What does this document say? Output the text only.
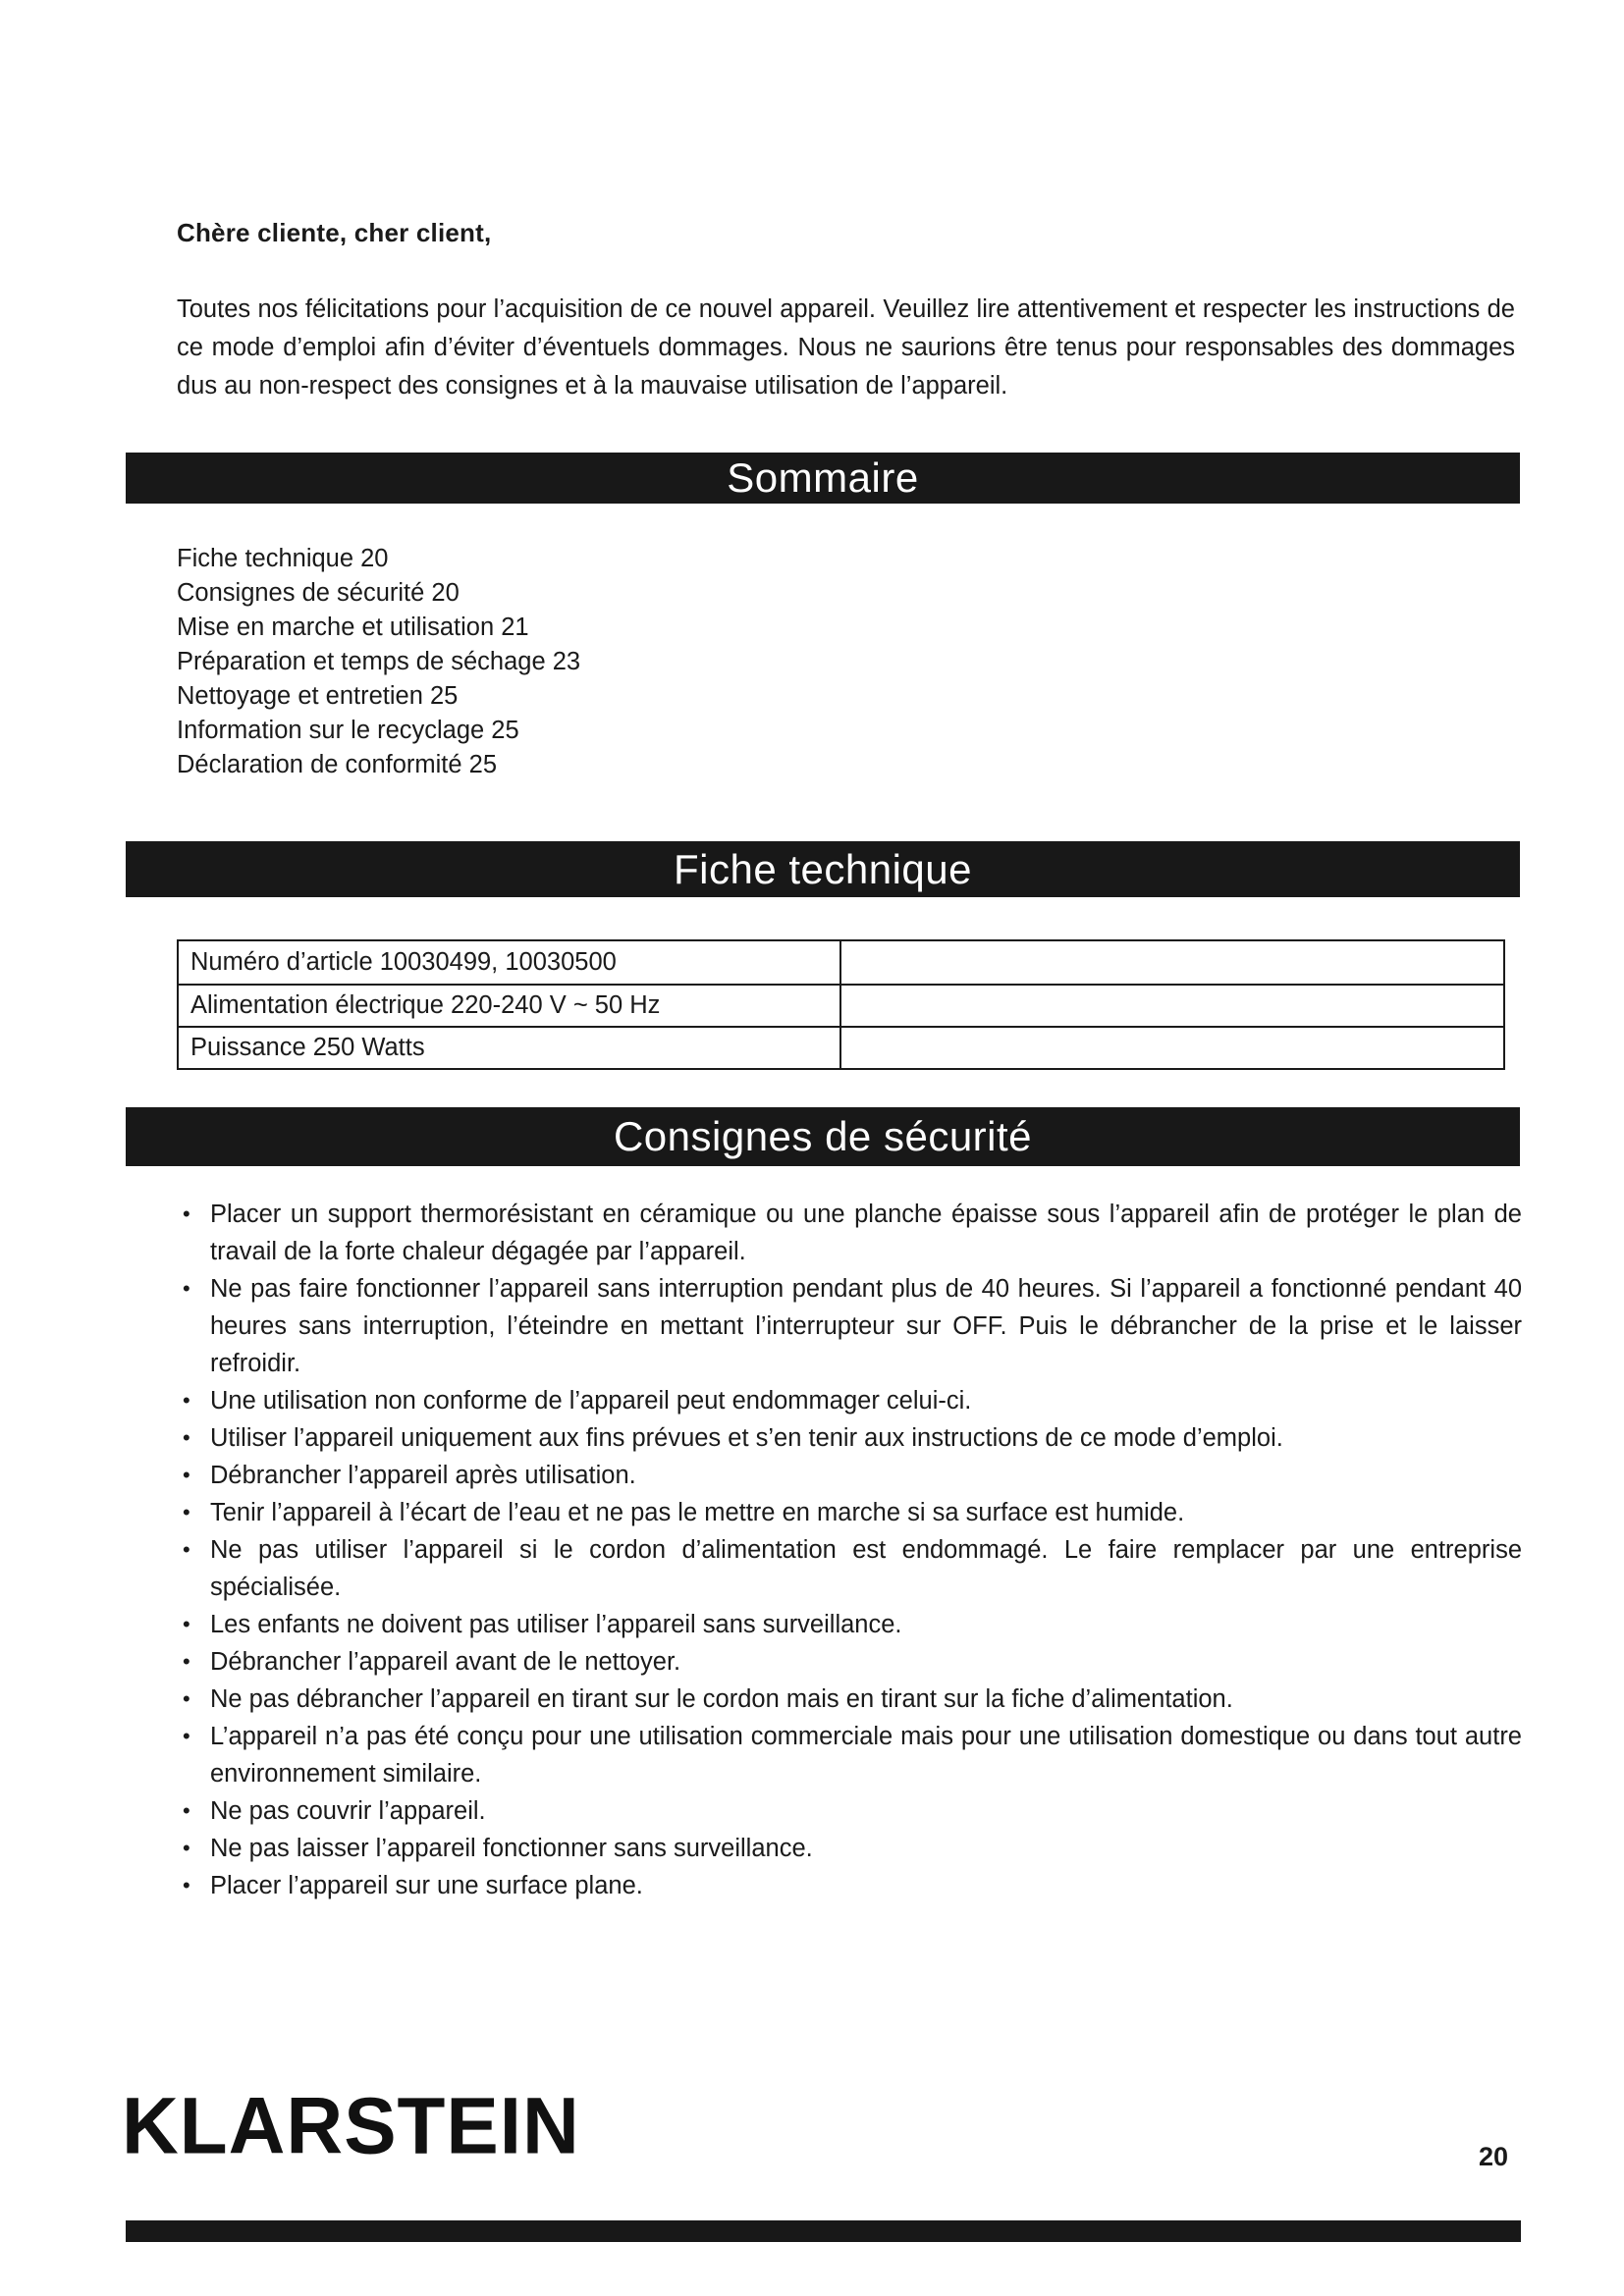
Chère cliente, cher client,

Toutes nos félicitations pour l’acquisition de ce nouvel appareil. Veuillez lire attentivement et respecter les instructions de ce mode d’emploi afin d’éviter d’éventuels dommages. Nous ne saurions être tenus pour responsables des dommages dus au non-respect des consignes et à la mauvaise utilisation de l’appareil.

Sommaire
Fiche technique 20
Consignes de sécurité 20
Mise en marche et utilisation 21
Préparation et temps de séchage 23
Nettoyage et entretien 25
Information sur le recyclage 25
Déclaration de conformité 25
Fiche technique
Numéro d’article 10030499, 10030500
Alimentation électrique 220-240 V ~ 50 Hz
Puissance 250 Watts
Consignes de sécurité
• Placer un support thermorésistant en céramique ou une planche épaisse sous l’appareil afin de protéger le plan de travail de la forte chaleur dégagée par l’appareil.
• Ne pas faire fonctionner l’appareil sans interruption pendant plus de 40 heures. Si l’appareil a fonctionné pendant 40 heures sans interruption, l’éteindre en mettant l’interrupteur sur OFF. Puis le débrancher de la prise et le laisser refroidir.
• Une utilisation non conforme de l’appareil peut endommager celui-ci.
• Utiliser l’appareil uniquement aux fins prévues et s’en tenir aux instructions de ce mode d’emploi.
• Débrancher l’appareil après utilisation.
• Tenir l’appareil à l’écart de l’eau et ne pas le mettre en marche si sa surface est humide.
• Ne pas utiliser l’appareil si le cordon d’alimentation est endommagé. Le faire remplacer par une entreprise spécialisée.
• Les enfants ne doivent pas utiliser l’appareil sans surveillance.
• Débrancher l’appareil avant de le nettoyer.
• Ne pas débrancher l’appareil en tirant sur le cordon mais en tirant sur la fiche d’alimentation.
• L’appareil n’a pas été conçu pour une utilisation commerciale mais pour une utilisation domestique ou dans tout autre environnement similaire.
• Ne pas couvrir l’appareil.
• Ne pas laisser l’appareil fonctionner sans surveillance.
• Placer l’appareil sur une surface plane.
KLARSTEIN	20
